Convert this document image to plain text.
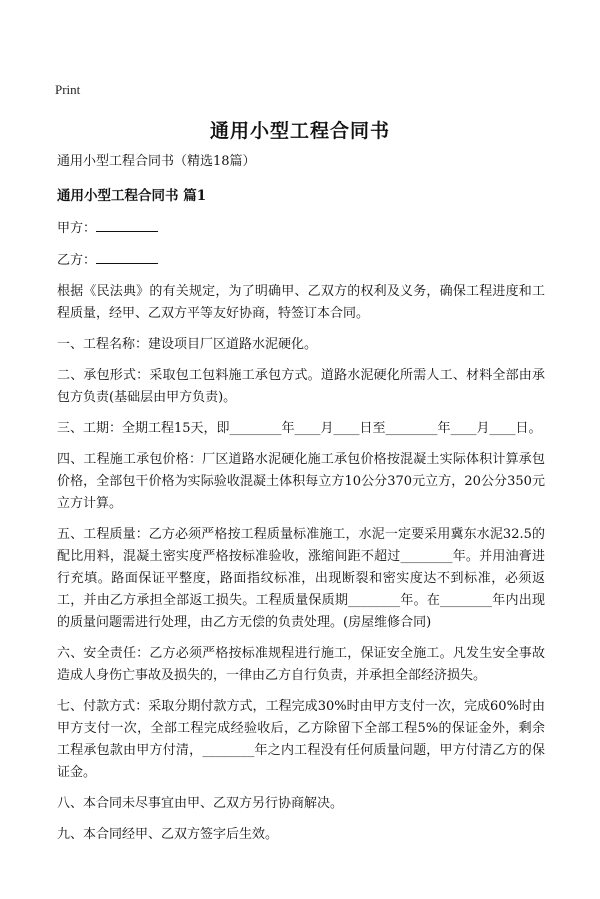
Print
通用小型工程合同书

通用小型工程合同书（精选18篇）

通用小型工程合同书 篇1

甲方：

乙方：

根据《民法典》的有关规定，为了明确甲、乙双方的权利及义务，确保工程进度和工程质量，经甲、乙双方平等友好协商，特签订本合同。

一、工程名称：建设项目厂区道路水泥硬化。

二、承包形式：采取包工包料施工承包方式。道路水泥硬化所需人工、材料全部由承包方负责(基础层由甲方负责)。

三、工期：全期工程15天，即________年____月____日至________年____月____日。

四、工程施工承包价格：厂区道路水泥硬化施工承包价格按混凝土实际体积计算承包价格，全部包干价格为实际验收混凝土体积每立方10公分370元立方，20公分350元立方计算。

五、工程质量：乙方必须严格按工程质量标准施工，水泥一定要采用冀东水泥32.5的配比用料，混凝土密实度严格按标准验收，涨缩间距不超过________年。并用油膏进行充填。路面保证平整度，路面指纹标准，出现断裂和密实度达不到标准，必须返工，并由乙方承担全部返工损失。工程质量保质期________年。在________年内出现的质量问题需进行处理，由乙方无偿的负责处理。(房屋维修合同)

六、安全责任：乙方必须严格按标准规程进行施工，保证安全施工。凡发生安全事故造成人身伤亡事故及损失的，一律由乙方自行负责，并承担全部经济损失。

七、付款方式：采取分期付款方式，工程完成30%时由甲方支付一次，完成60%时由甲方支付一次，全部工程完成经验收后，乙方除留下全部工程5%的保证金外，剩余工程承包款由甲方付清，________年之内工程没有任何质量问题，甲方付清乙方的保证金。

八、本合同未尽事宜由甲、乙双方另行协商解决。

九、本合同经甲、乙双方签字后生效。
